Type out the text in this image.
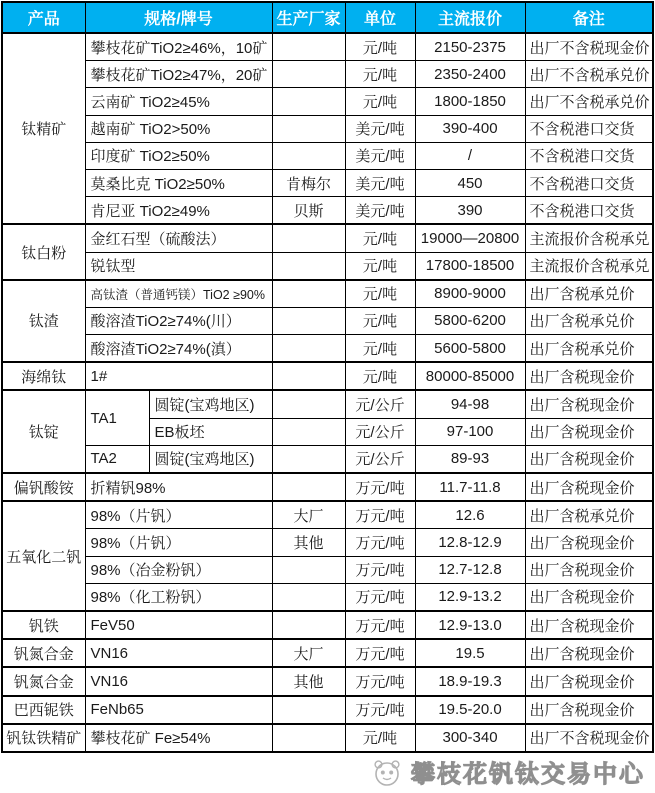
产品	规格/牌号		生产厂家	单位	主流报价	备注
钛精矿	攀枝花矿TiO2≥46%，10矿			元/吨	2150-2375	出厂不含税现金价
	攀枝花矿TiO2≥47%，20矿			元/吨	2350-2400	出厂不含税承兑价
	云南矿 TiO2≥45%			元/吨	1800-1850	出厂不含税承兑价
	越南矿 TiO2>50%			美元/吨	390-400	不含税港口交货
	印度矿 TiO2≥50%			美元/吨	/	不含税港口交货
	莫桑比克 TiO2≥50%		肯梅尔	美元/吨	450	不含税港口交货
	肯尼亚 TiO2≥49%		贝斯	美元/吨	390	不含税港口交货
钛白粉	金红石型（硫酸法）			元/吨	19000—20800	主流报价含税承兑
	锐钛型			元/吨	17800-18500	主流报价含税承兑
钛渣	高钛渣（普通钙镁）TiO2 ≥90%			元/吨	8900-9000	出厂含税承兑价
	酸溶渣TiO2≥74%(川）			元/吨	5800-6200	出厂含税承兑价
	酸溶渣TiO2≥74%(滇）			元/吨	5600-5800	出厂含税承兑价
海绵钛	1#			元/吨	80000-85000	出厂含税现金价
钛锭	TA1	圆锭(宝鸡地区)		元/公斤	94-98	出厂含税现金价
		EB板坯		元/公斤	97-100	出厂含税现金价
	TA2	圆锭(宝鸡地区)		元/公斤	89-93	出厂含税现金价
偏钒酸铵	折精钒98%			万元/吨	11.7-11.8	出厂含税现金价
五氧化二钒	98%（片钒）		大厂	万元/吨	12.6	出厂含税承兑价
	98%（片钒）		其他	万元/吨	12.8-12.9	出厂含税现金价
	98%（冶金粉钒）			万元/吨	12.7-12.8	出厂含税现金价
	98%（化工粉钒）			万元/吨	12.9-13.2	出厂含税现金价
钒铁	FeV50			万元/吨	12.9-13.0	出厂含税现金价
钒氮合金	VN16		大厂	万元/吨	19.5	出厂含税现金价
钒氮合金	VN16		其他	万元/吨	18.9-19.3	出厂含税现金价
巴西铌铁	FeNb65			万元/吨	19.5-20.0	出厂含税现金价
钒钛铁精矿	攀枝花矿 Fe≥54%			元/吨	300-340	出厂不含税现金价
攀枝花钒钛交易中心
